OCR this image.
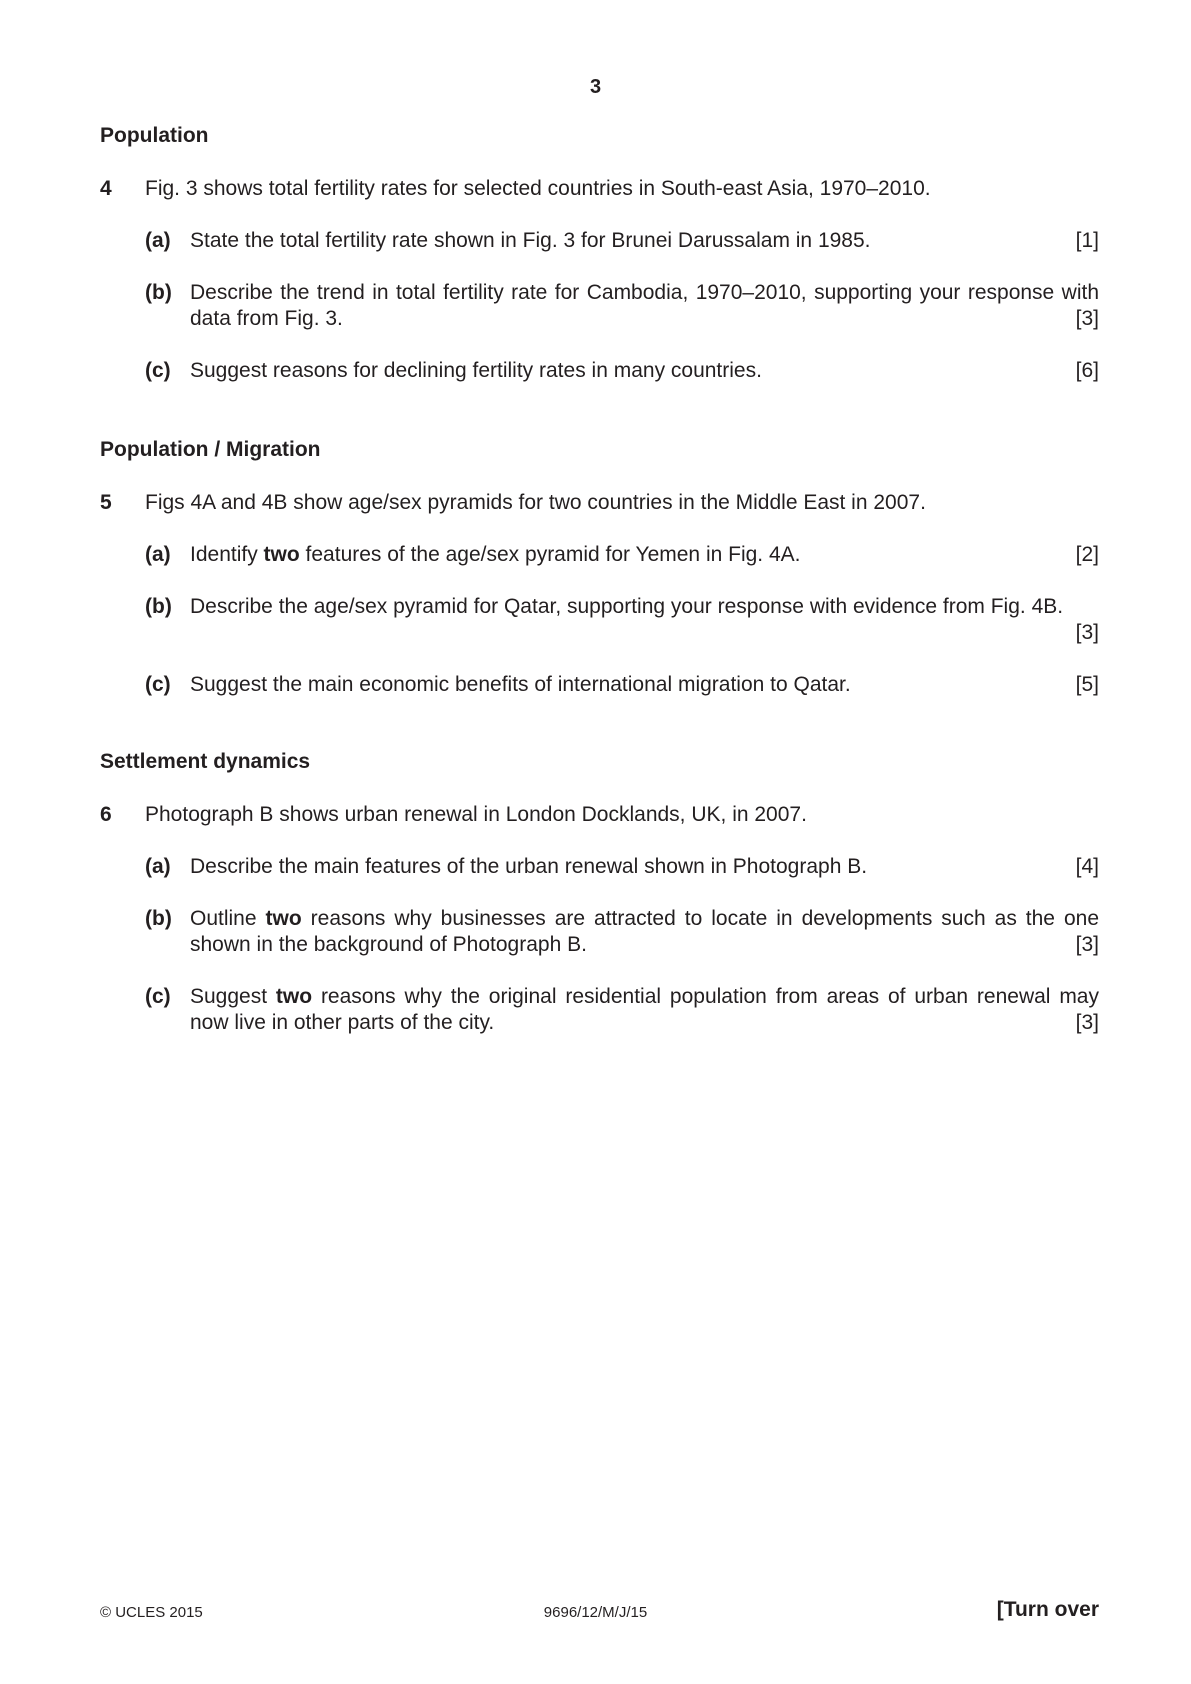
3
Population
4 Fig. 3 shows total fertility rates for selected countries in South-east Asia, 1970–2010.
(a)	[1]
State the total fertility rate shown in Fig. 3 for Brunei Darussalam in 1985.
(b) Describe the trend in total fertility rate for Cambodia, 1970–2010, supporting your response with data from Fig. 3.	[3]
(c)	[6]
Suggest reasons for declining fertility rates in many countries.
Population / Migration
5 Figs 4A and 4B show age/sex pyramids for two countries in the Middle East in 2007.
(a)	[2]
Identify two features of the age/sex pyramid for Yemen in Fig. 4A.
(b) Describe the age/sex pyramid for Qatar, supporting your response with evidence from Fig. 4B.
[3]
(c)	[5]
Suggest the main economic benefits of international migration to Qatar.
Settlement dynamics
6 Photograph B shows urban renewal in London Docklands, UK, in 2007.
(a)	[4]
Describe the main features of the urban renewal shown in Photograph B.
(b) Outline two reasons why businesses are attracted to locate in developments such as the one shown in the background of Photograph B.	[3]
(c) Suggest two reasons why the original residential population from areas of urban renewal may now live in other parts of the city.	[3]
© UCLES 2015	9696/12/M/J/15	[Turn over
